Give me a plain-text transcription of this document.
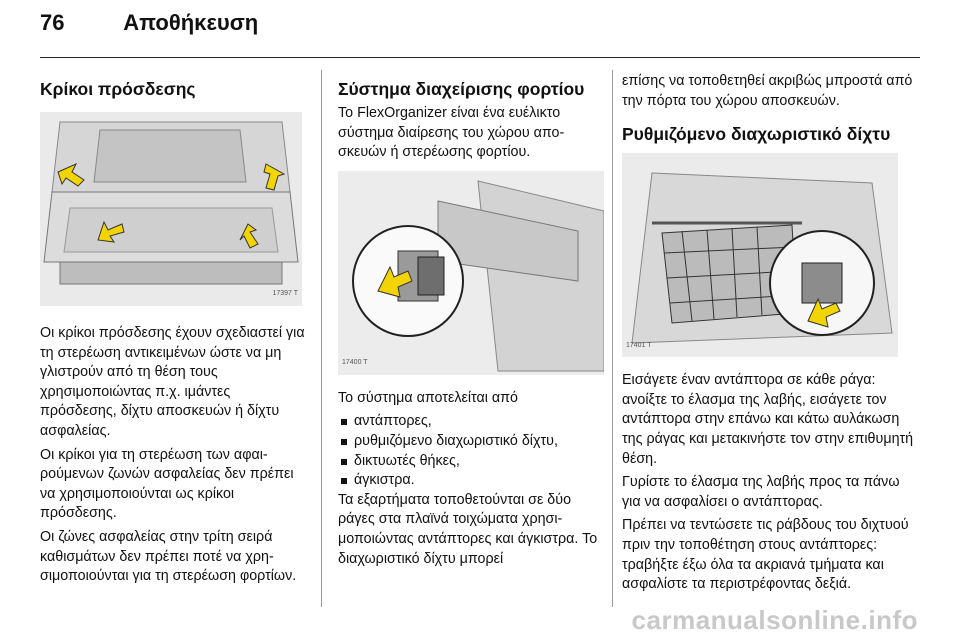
76	Αποθήκευση
Κρίκοι πρόσδεσης
17397 T

Οι κρίκοι πρόσδεσης έχουν σχεδιαστεί για τη στερέωση αντικειμένων ώστε να μη γλιστρούν από τη θέση τους χρησιμοποιώντας π.χ. ιμάντες πρόσδεσης, δίχτυ αποσκευών ή δίχτυ ασφαλείας.

Οι κρίκοι για τη στερέωση των αφαιρούμενων ζωνών ασφαλείας δεν πρέπει να χρησιμοποιούνται ως κρίκοι πρόσδεσης.

Οι ζώνες ασφαλείας στην τρίτη σειρά καθισμάτων δεν πρέπει ποτέ να χρησιμοποιούνται για τη στερέωση φορτίων.

Σύστημα διαχείρισης φορτίου

Το FlexOrganizer είναι ένα ευέλικτο σύστημα διαίρεσης του χώρου αποσκευών ή στερέωσης φορτίου.

17400 T

Το σύστημα αποτελείται από

αντάπτορες,
ρυθμιζόμενο διαχωριστικό δίχτυ,
δικτυωτές θήκες,
άγκιστρα.

Τα εξαρτήματα τοποθετούνται σε δύο ράγες στα πλαϊνά τοιχώματα χρησιμοποιώντας αντάπτορες και άγκιστρα. Το διαχωριστικό δίχτυ μπορεί

επίσης να τοποθετηθεί ακριβώς μπροστά από την πόρτα του χώρου αποσκευών.

Ρυθμιζόμενο διαχωριστικό δίχτυ
17401 T

Εισάγετε έναν αντάπτορα σε κάθε ράγα: ανοίξτε το έλασμα της λαβής, εισάγετε τον αντάπτορα στην επάνω και κάτω αυλάκωση της ράγας και μετακινήστε τον στην επιθυμητή θέση.

Γυρίστε το έλασμα της λαβής προς τα πάνω για να ασφαλίσει ο αντάπτορας.

Πρέπει να τεντώσετε τις ράβδους του διχτυού πριν την τοποθέτηση στους αντάπτορες: τραβήξτε έξω όλα τα ακριανά τμήματα και ασφαλίστε τα περιστρέφοντας δεξιά.

carmanualsonline.info
